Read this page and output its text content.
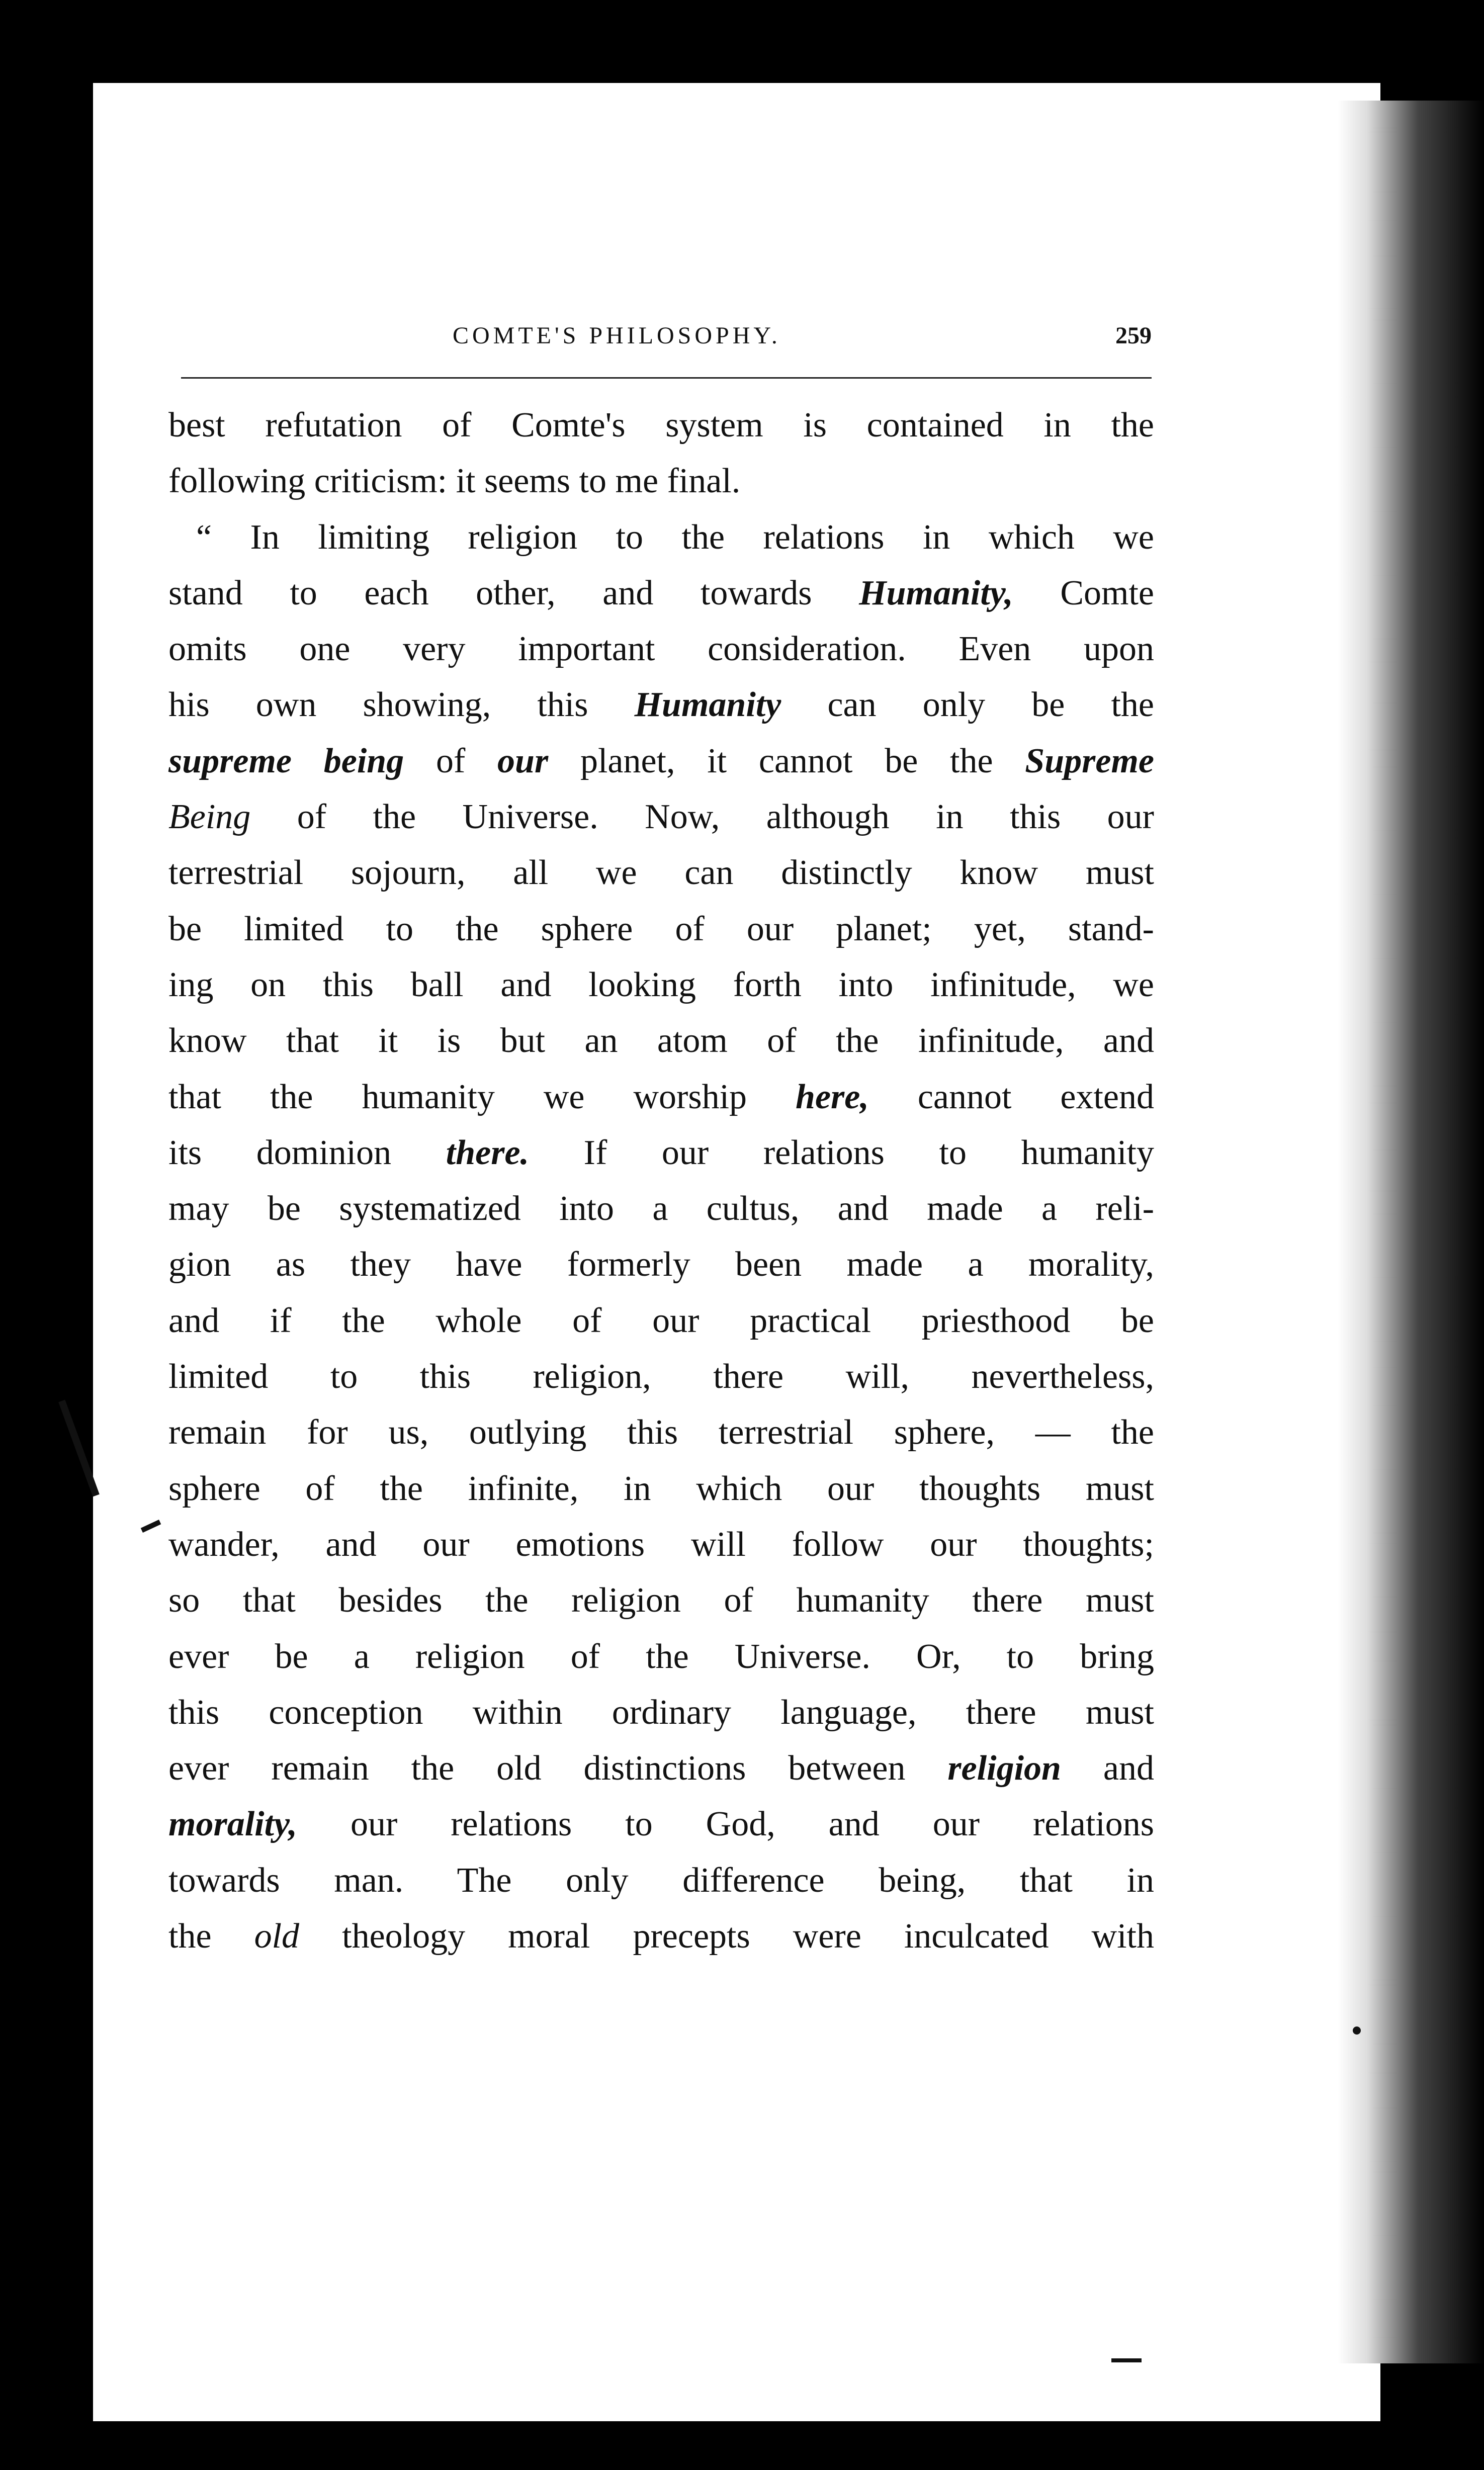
COMTE'S PHILOSOPHY.	259
best refutation of Comte's system is contained in the
following criticism: it seems to me final.
“ In limiting religion to the relations in which we
stand to each other, and towards Humanity, Comte
omits one very important consideration. Even upon
his own showing, this Humanity can only be the
supreme being of our planet, it cannot be the Supreme
Being of the Universe. Now, although in this our
terrestrial sojourn, all we can distinctly know must
be limited to the sphere of our planet; yet, stand-
ing on this ball and looking forth into infinitude, we
know that it is but an atom of the infinitude, and
that the humanity we worship here, cannot extend
its dominion there. If our relations to humanity
may be systematized into a cultus, and made a reli-
gion as they have formerly been made a morality,
and if the whole of our practical priesthood be
limited to this religion, there will, nevertheless,
remain for us, outlying this terrestrial sphere, — the
sphere of the infinite, in which our thoughts must
wander, and our emotions will follow our thoughts;
so that besides the religion of humanity there must
ever be a religion of the Universe. Or, to bring
this conception within ordinary language, there must
ever remain the old distinctions between religion and
morality, our relations to God, and our relations
towards man. The only difference being, that in
the old theology moral precepts were inculcated with
